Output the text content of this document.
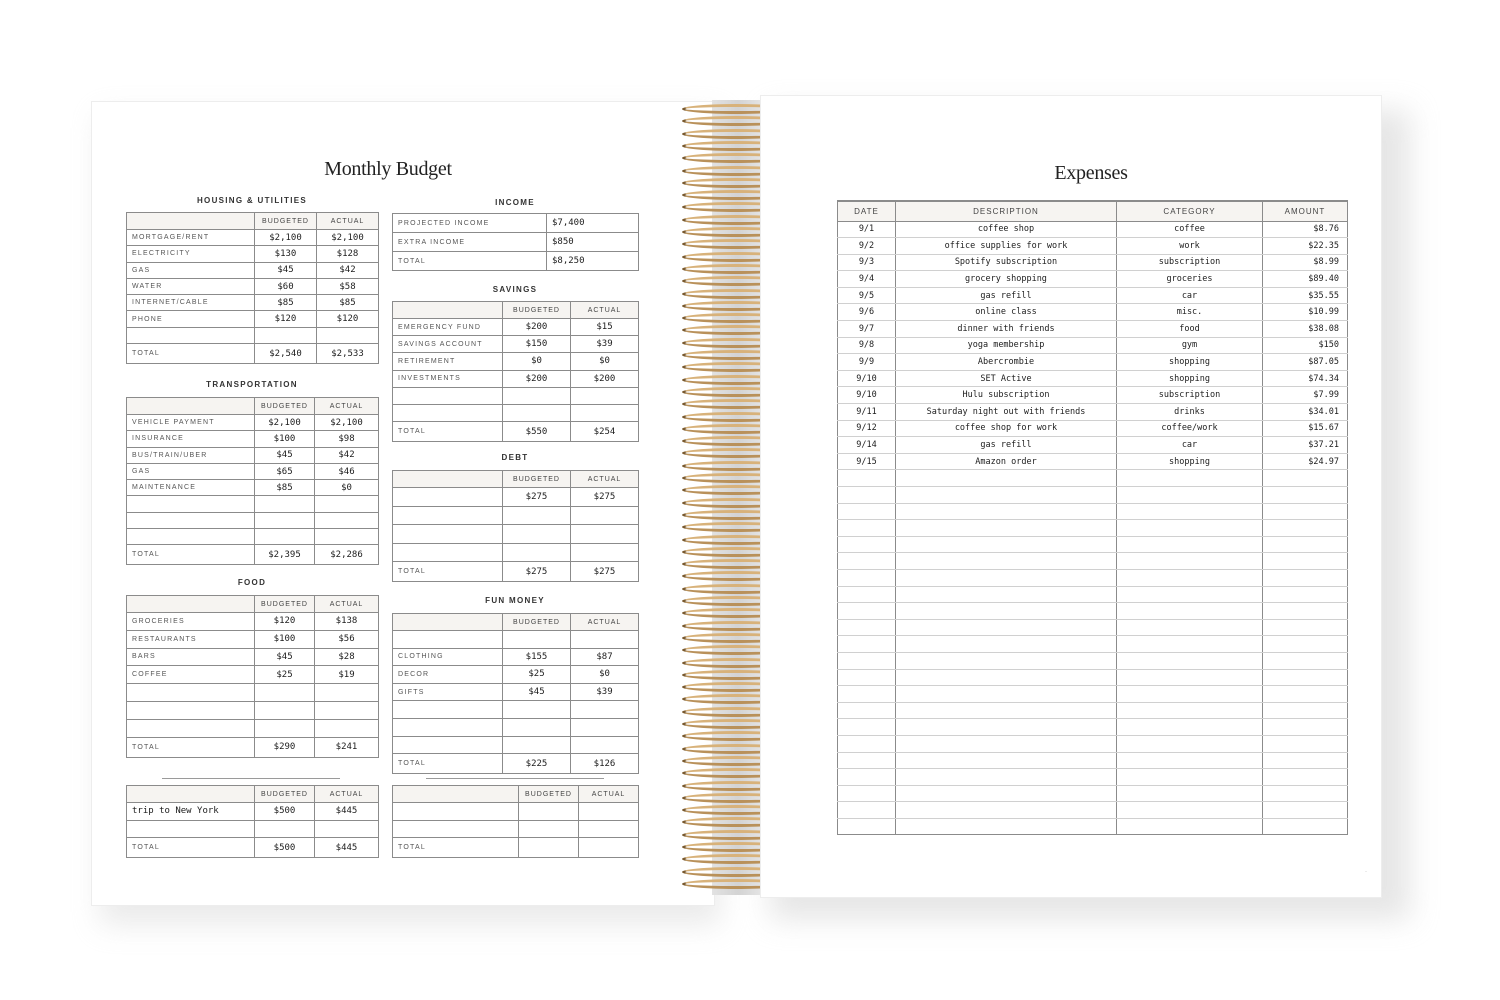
Monthly Budget
HOUSING & UTILITIES
	BUDGETED	ACTUAL
MORTGAGE/RENT	$2,100	$2,100
ELECTRICITY	$130	$128
GAS	$45	$42
WATER	$60	$58
INTERNET/CABLE	$85	$85
PHONE	$120	$120

TOTAL	$2,540	$2,533
TRANSPORTATION
	BUDGETED	ACTUAL
VEHICLE PAYMENT	$2,100	$2,100
INSURANCE	$100	$98
BUS/TRAIN/UBER	$45	$42
GAS	$65	$46
MAINTENANCE	$85	$0

TOTAL	$2,395	$2,286
FOOD
	BUDGETED	ACTUAL
GROCERIES	$120	$138
RESTAURANTS	$100	$56
BARS	$45	$28
COFFEE	$25	$19

TOTAL	$290	$241
	BUDGETED	ACTUAL
trip to New York	$500	$445

TOTAL	$500	$445
INCOME
PROJECTED INCOME	$7,400
EXTRA INCOME	$850
TOTAL	$8,250
SAVINGS
	BUDGETED	ACTUAL
EMERGENCY FUND	$200	$15
SAVINGS ACCOUNT	$150	$39
RETIREMENT	$0	$0
INVESTMENTS	$200	$200

TOTAL	$550	$254
DEBT
	BUDGETED	ACTUAL
	$275	$275

TOTAL	$275	$275
FUN MONEY
	BUDGETED	ACTUAL

CLOTHING	$155	$87
DECOR	$25	$0
GIFTS	$45	$39

TOTAL	$225	$126
	BUDGETED	ACTUAL

TOTAL		
Expenses
DATE	DESCRIPTION	CATEGORY	AMOUNT
9/1	coffee shop	coffee	$8.76
9/2	office supplies for work	work	$22.35
9/3	Spotify subscription	subscription	$8.99
9/4	grocery shopping	groceries	$89.40
9/5	gas refill	car	$35.55
9/6	online class	misc.	$10.99
9/7	dinner with friends	food	$38.08
9/8	yoga membership	gym	$150
9/9	Abercrombie	shopping	$87.05
9/10	SET Active	shopping	$74.34
9/10	Hulu subscription	subscription	$7.99
9/11	Saturday night out with friends	drinks	$34.01
9/12	coffee shop for work	coffee/work	$15.67
9/14	gas refill	car	$37.21
9/15	Amazon order	shopping	$24.97

·
